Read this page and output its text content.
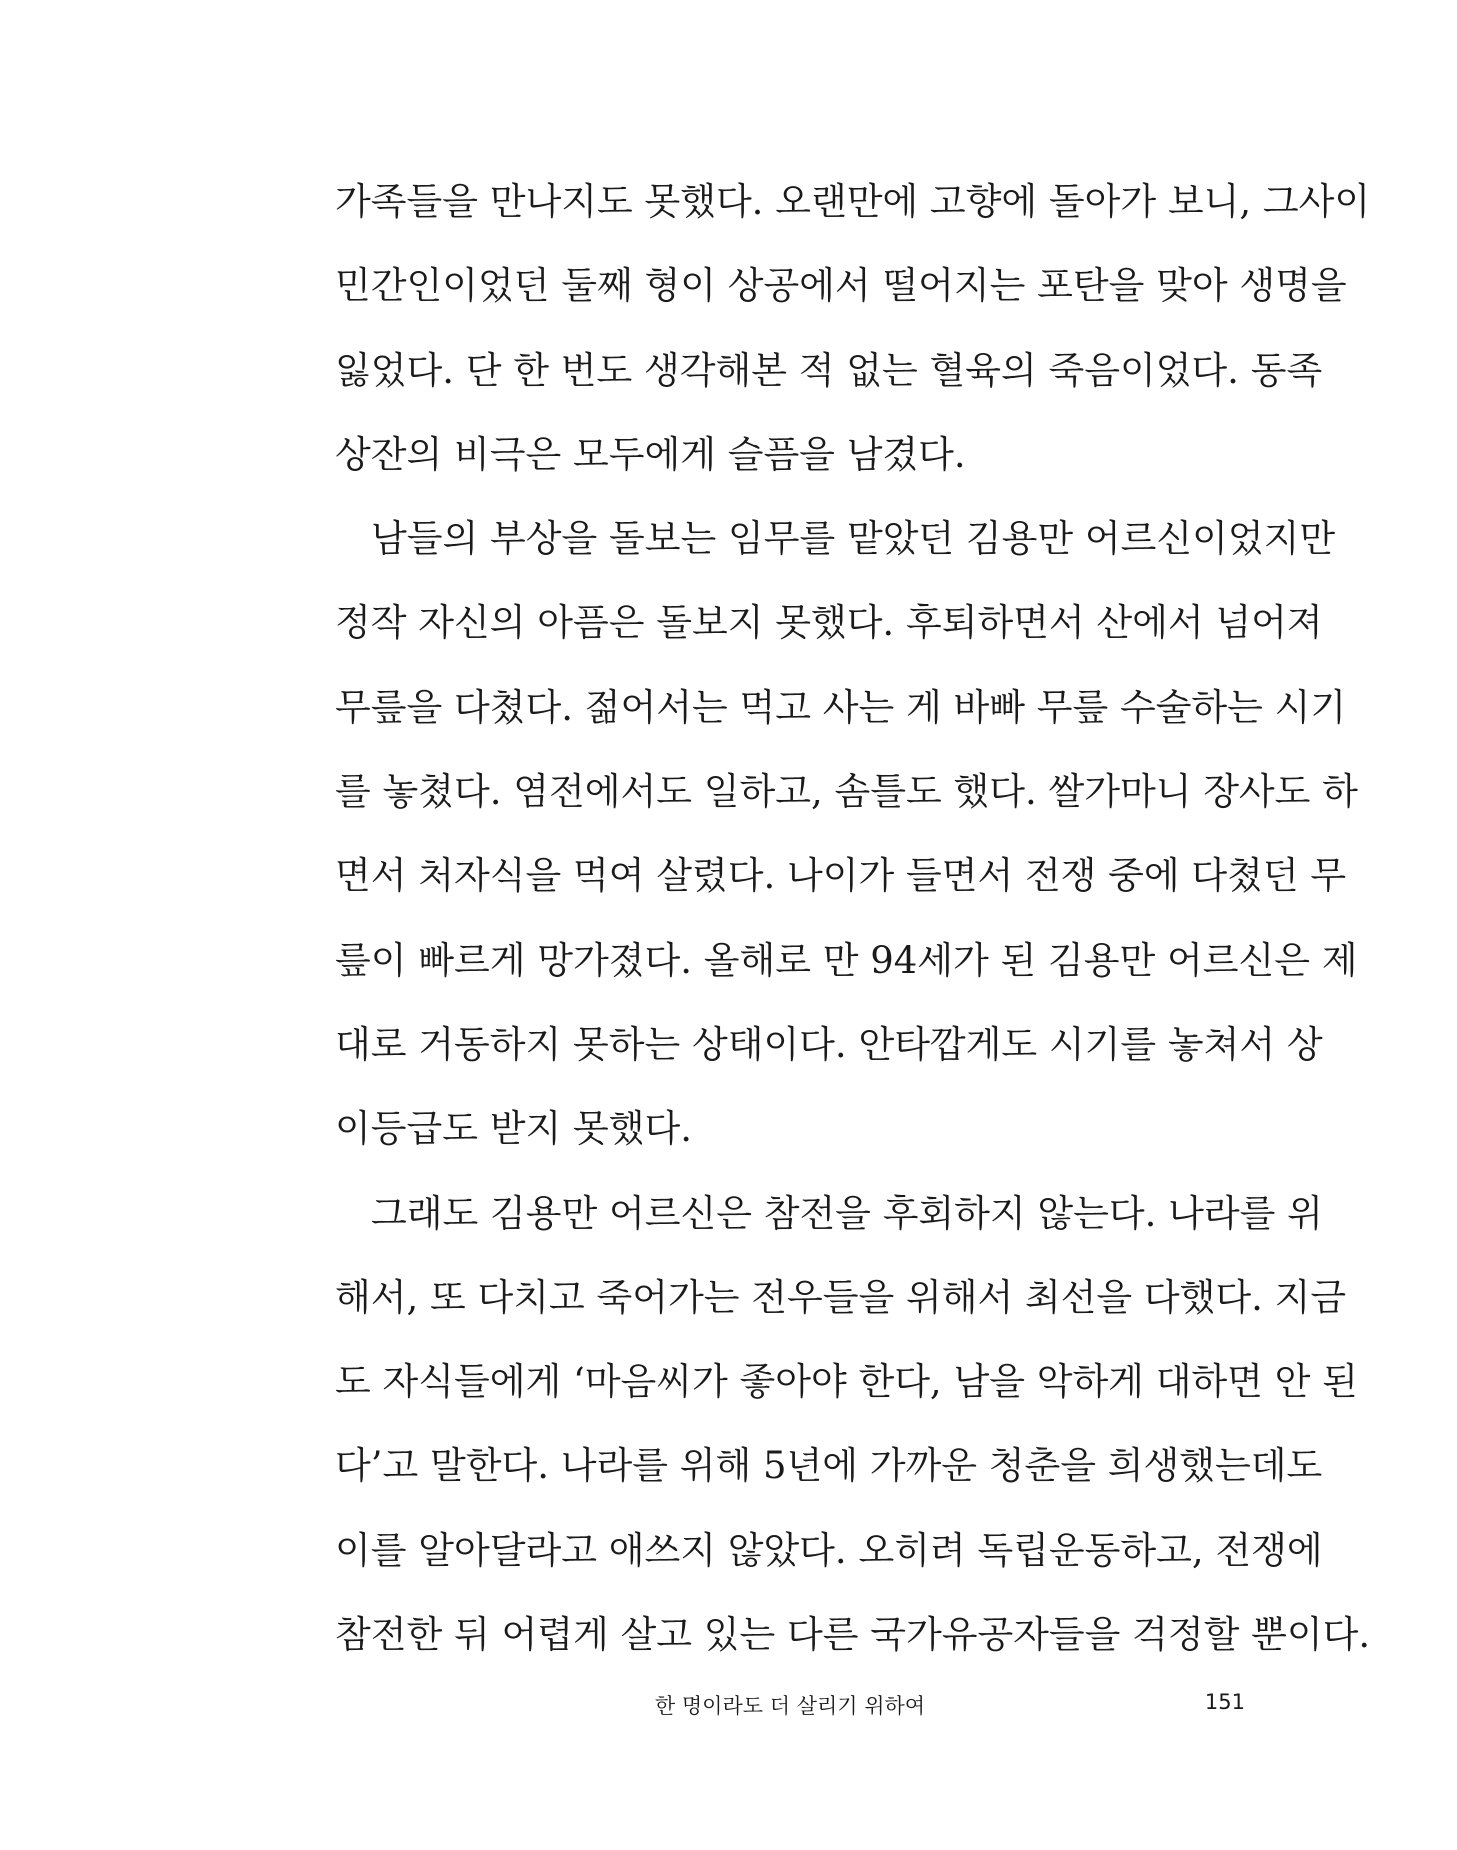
가족들을 만나지도 못했다. 오랜만에 고향에 돌아가 보니, 그사이
민간인이었던 둘째 형이 상공에서 떨어지는 포탄을 맞아 생명을
잃었다. 단 한 번도 생각해본 적 없는 혈육의 죽음이었다. 동족
상잔의 비극은 모두에게 슬픔을 남겼다.

남들의 부상을 돌보는 임무를 맡았던 김용만 어르신이었지만
정작 자신의 아픔은 돌보지 못했다. 후퇴하면서 산에서 넘어져
무릎을 다쳤다. 젊어서는 먹고 사는 게 바빠 무릎 수술하는 시기
를 놓쳤다. 염전에서도 일하고, 솜틀도 했다. 쌀가마니 장사도 하
면서 처자식을 먹여 살렸다. 나이가 들면서 전쟁 중에 다쳤던 무
릎이 빠르게 망가졌다. 올해로 만 94세가 된 김용만 어르신은 제
대로 거동하지 못하는 상태이다. 안타깝게도 시기를 놓쳐서 상
이등급도 받지 못했다.

그래도 김용만 어르신은 참전을 후회하지 않는다. 나라를 위
해서, 또 다치고 죽어가는 전우들을 위해서 최선을 다했다. 지금
도 자식들에게 ‘마음씨가 좋아야 한다, 남을 악하게 대하면 안 된
다’고 말한다. 나라를 위해 5년에 가까운 청춘을 희생했는데도
이를 알아달라고 애쓰지 않았다. 오히려 독립운동하고, 전쟁에
참전한 뒤 어렵게 살고 있는 다른 국가유공자들을 걱정할 뿐이다.

한 명이라도 더 살리기 위하여	151
